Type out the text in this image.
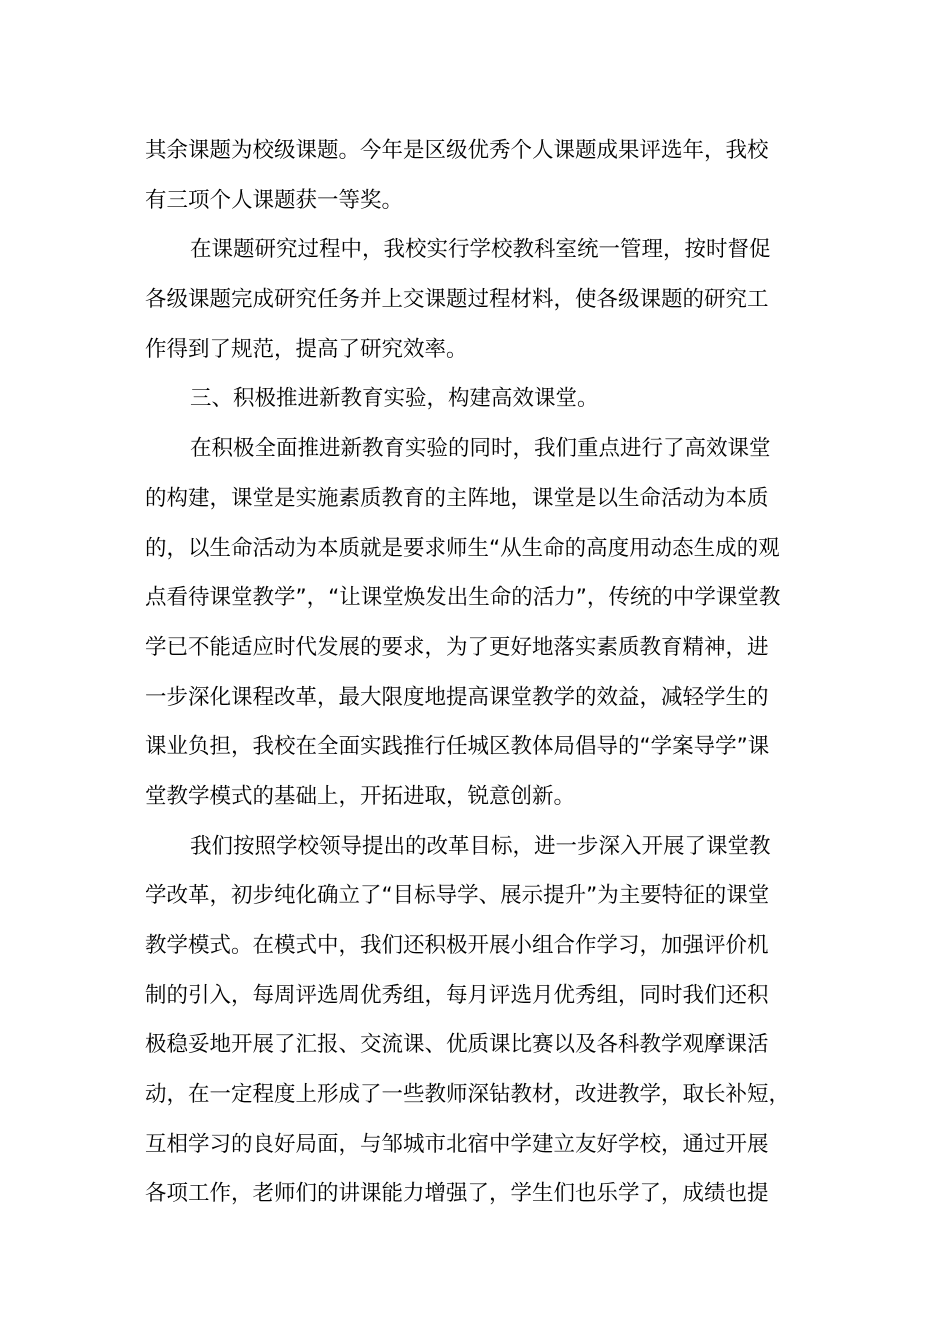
其余课题为校级课题。今年是区级优秀个人课题成果评选年，我校
有三项个人课题获一等奖。
在课题研究过程中，我校实行学校教科室统一管理，按时督促
各级课题完成研究任务并上交课题过程材料，使各级课题的研究工
作得到了规范，提高了研究效率。
三、积极推进新教育实验，构建高效课堂。
在积极全面推进新教育实验的同时，我们重点进行了高效课堂
的构建，课堂是实施素质教育的主阵地，课堂是以生命活动为本质
的，以生命活动为本质就是要求师生“从生命的高度用动态生成的观
点看待课堂教学”，“让课堂焕发出生命的活力”，传统的中学课堂教
学已不能适应时代发展的要求，为了更好地落实素质教育精神，进
一步深化课程改革，最大限度地提高课堂教学的效益，减轻学生的
课业负担，我校在全面实践推行任城区教体局倡导的“学案导学”课
堂教学模式的基础上，开拓进取，锐意创新。
我们按照学校领导提出的改革目标，进一步深入开展了课堂教
学改革，初步纯化确立了“目标导学、展示提升”为主要特征的课堂
教学模式。在模式中，我们还积极开展小组合作学习，加强评价机
制的引入，每周评选周优秀组，每月评选月优秀组，同时我们还积
极稳妥地开展了汇报、交流课、优质课比赛以及各科教学观摩课活
动，在一定程度上形成了一些教师深钻教材，改进教学，取长补短，
互相学习的良好局面，与邹城市北宿中学建立友好学校，通过开展
各项工作，老师们的讲课能力增强了，学生们也乐学了，成绩也提
